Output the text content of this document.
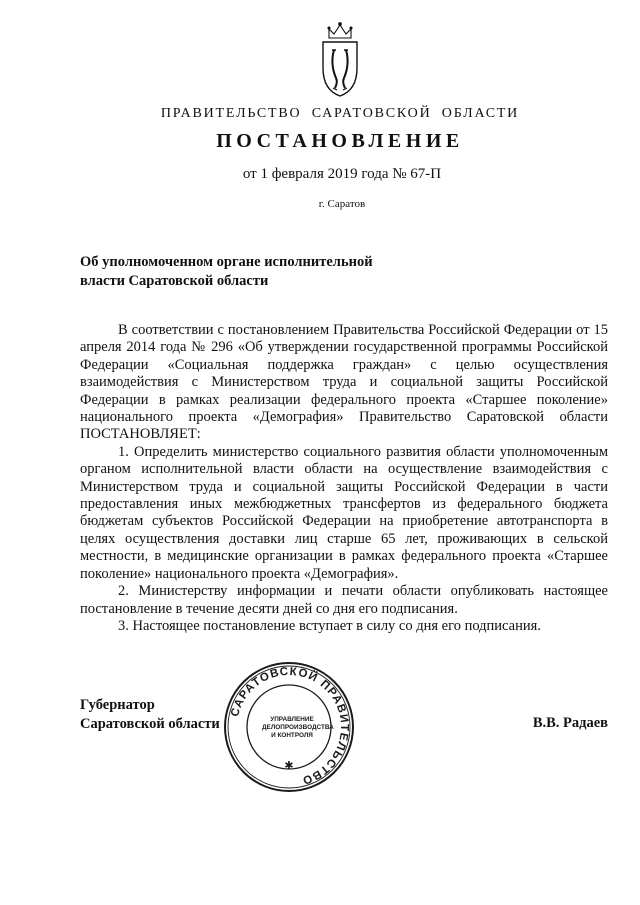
ПРАВИТЕЛЬСТВО САРАТОВСКОЙ ОБЛАСТИ
ПОСТАНОВЛЕНИЕ
от 1 февраля 2019 года № 67-П
г. Саратов
Об уполномоченном органе исполнительной
власти Саратовской области

В соответствии с постановлением Правительства Российской Федерации от 15 апреля 2014 года № 296 «Об утверждении государственной программы Российской Федерации «Социальная поддержка граждан» с целью осуществления взаимодействия с Министерством труда и социальной защиты Российской Федерации в рамках реализации федерального проекта «Старшее поколение» национального проекта «Демография» Правительство Саратовской области ПОСТАНОВЛЯЕТ:

1. Определить министерство социального развития области уполномоченным органом исполнительной власти области на осуществление взаимодействия с Министерством труда и социальной защиты Российской Федерации в части предоставления иных межбюджетных трансфертов из федерального бюджета бюджетам субъектов Российской Федерации на приобретение автотранспорта в целях осуществления доставки лиц старше 65 лет, проживающих в сельской местности, в медицинские организации в рамках федерального проекта «Старшее поколение» национального проекта «Демография».

2. Министерству информации и печати области опубликовать настоящее постановление в течение десяти дней со дня его подписания.

3. Настоящее постановление вступает в силу со дня его подписания.

Губернатор
Саратовской области	В.В. Радаев
САРАТОВСКОЙ ПРАВИТЕЛЬСТВО
✱
УПРАВЛЕНИЕ
ДЕЛОПРОИЗВОДСТВА
И КОНТРОЛЯ
